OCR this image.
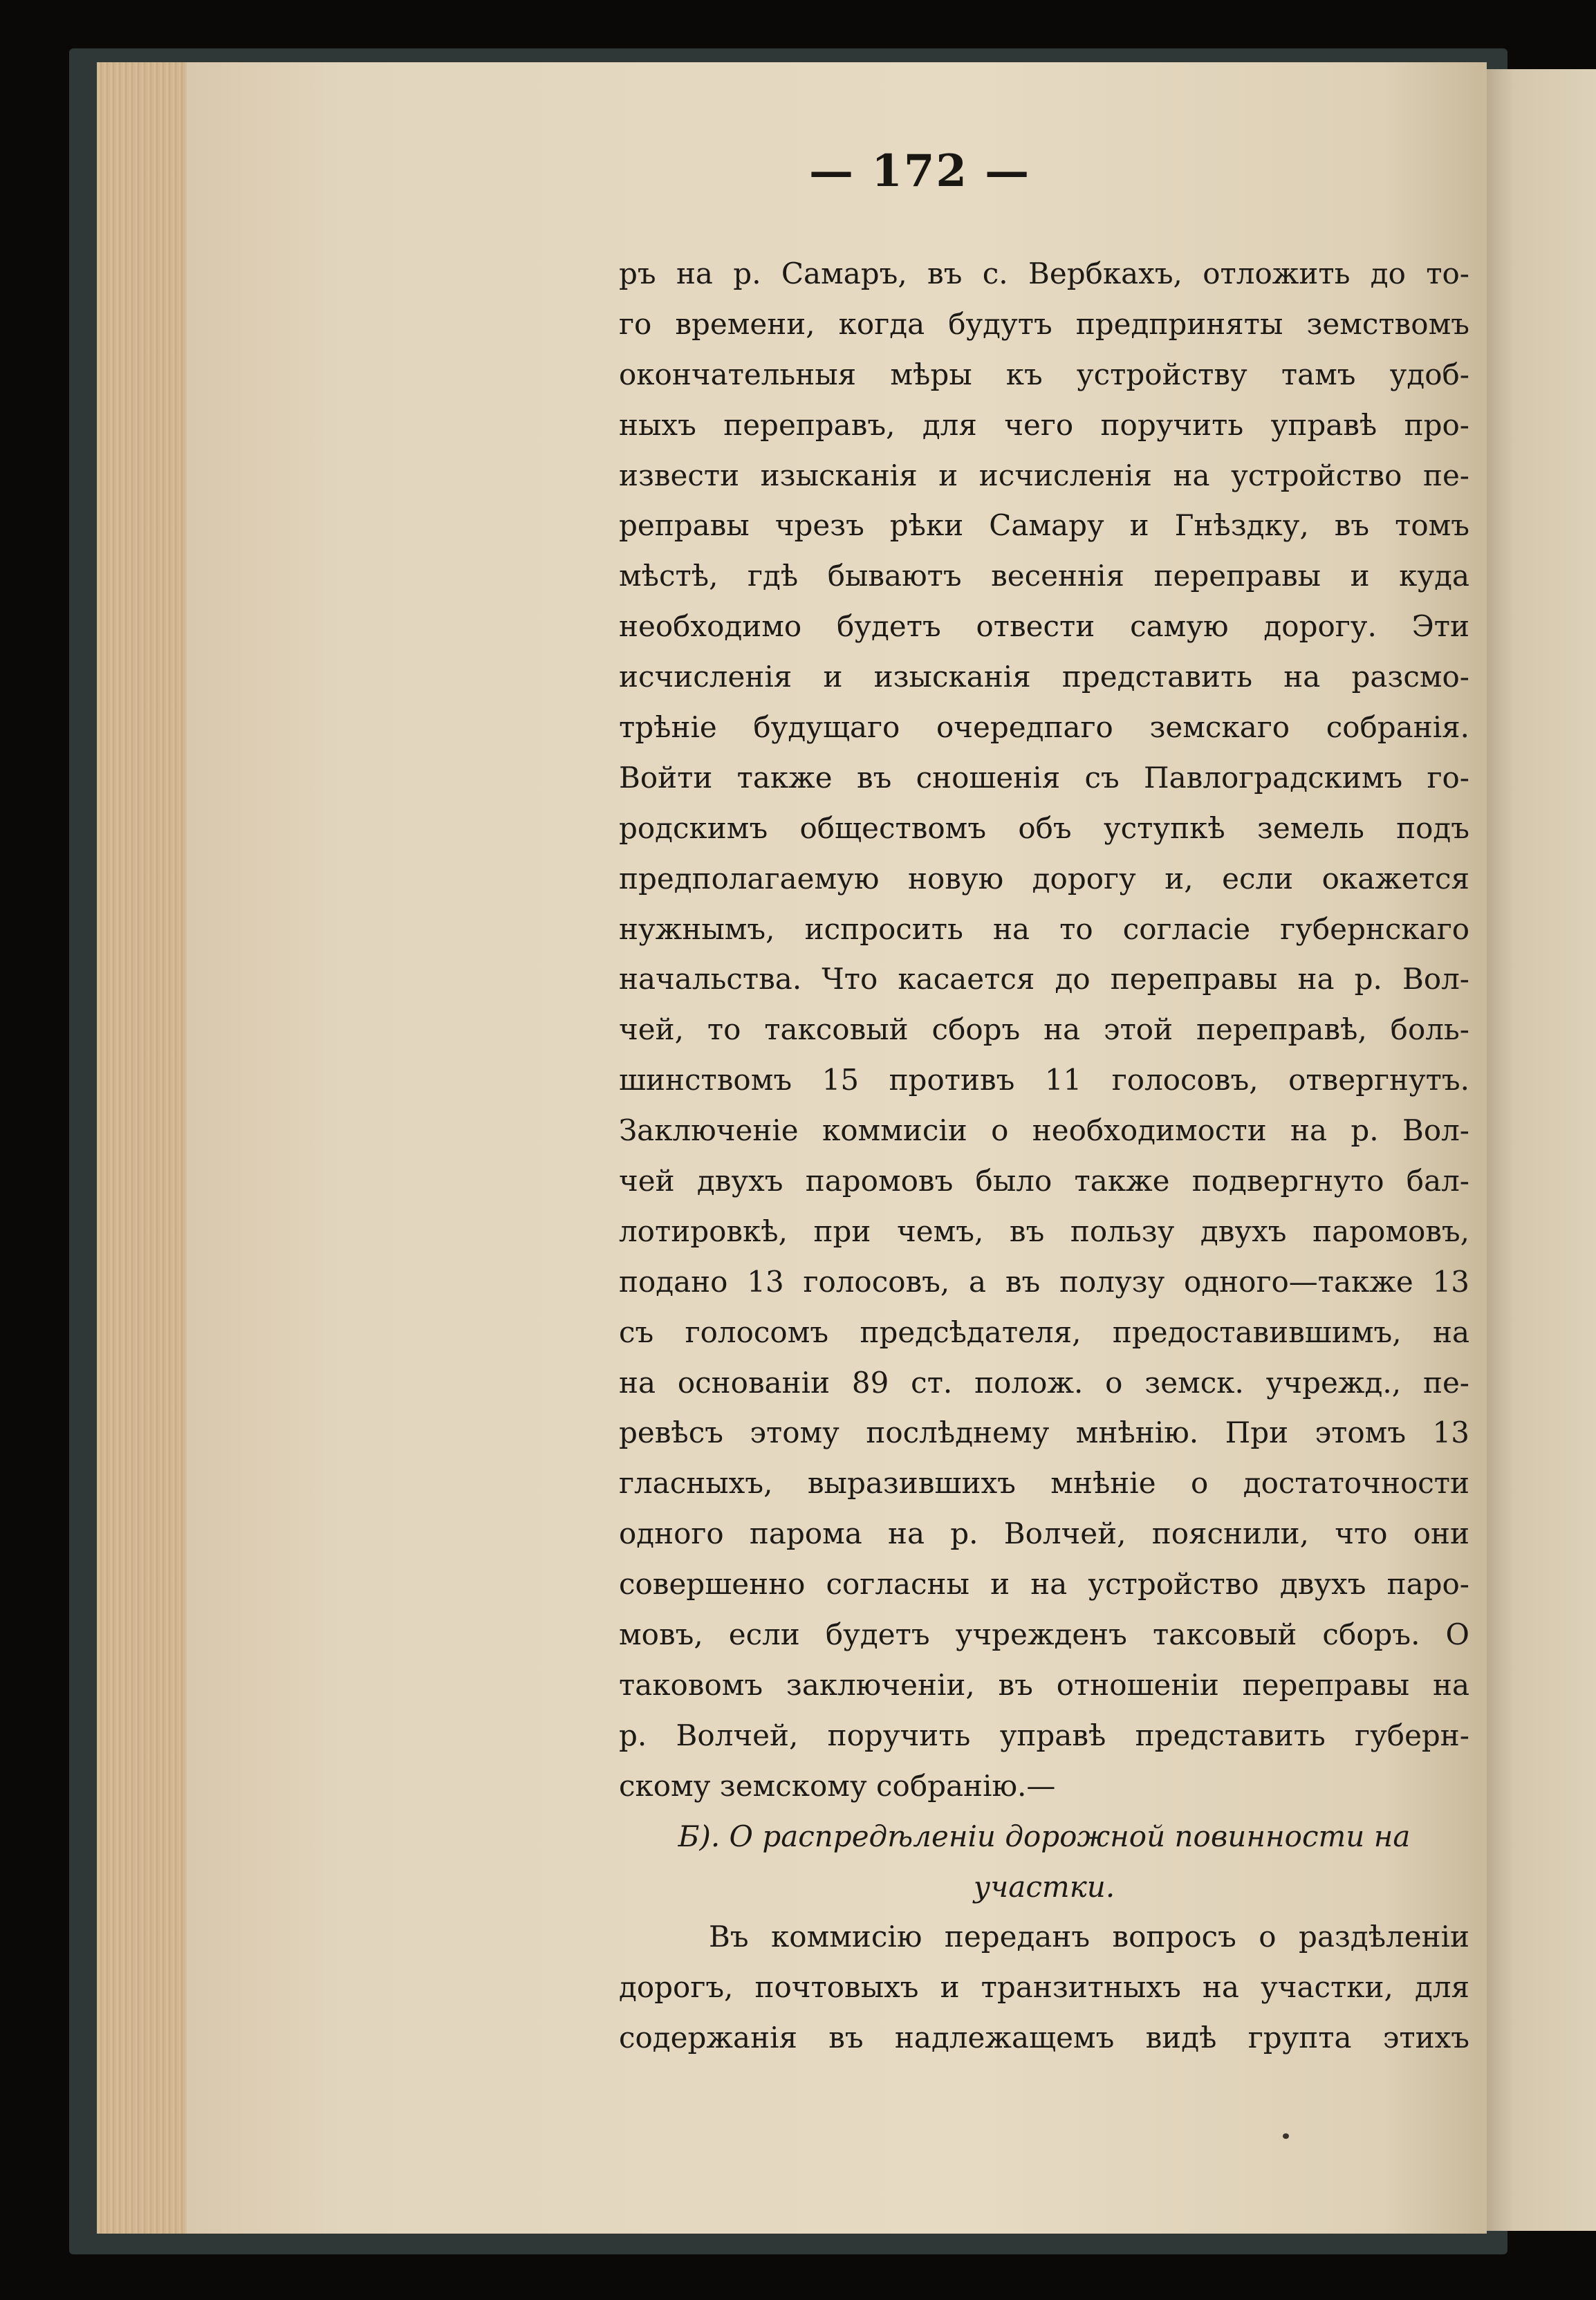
— 172 —
ръ на р. Самаръ, въ с. Вербкахъ, отложить до то-
го времени, когда будутъ предприняты земствомъ
окончательныя мѣры къ устройству тамъ удоб-
ныхъ переправъ, для чего поручить управѣ про-
извести изысканія и исчисленія на устройство пе-
реправы чрезъ рѣки Самару и Гнѣздку, въ томъ
мѣстѣ, гдѣ бываютъ весеннія переправы и куда
необходимо будетъ отвести самую дорогу. Эти
исчисленія и изысканія представить на разсмо-
трѣніе будущаго очередпаго земскаго собранія.
Войти также въ сношенія съ Павлоградскимъ го-
родскимъ обществомъ объ уступкѣ земель подъ
предполагаемую новую дорогу и, если окажется
нужнымъ, испросить на то согласіе губернскаго
начальства. Что касается до переправы на р. Вол-
чей, то таксовый сборъ на этой переправѣ, боль-
шинствомъ 15 противъ 11 голосовъ, отвергнутъ.
Заключеніе коммисіи о необходимости на р. Вол-
чей двухъ паромовъ было также подвергнуто бал-
лотировкѣ, при чемъ, въ пользу двухъ паромовъ,
подано 13 голосовъ, а въ полузу одного—также 13
съ голосомъ предсѣдателя, предоставившимъ, на
на основаніи 89 ст. полож. о земск. учрежд., пе-
ревѣсъ этому послѣднему мнѣнію. При этомъ 13
гласныхъ, выразившихъ мнѣніе о достаточности
одного парома на р. Волчей, пояснили, что они
совершенно согласны и на устройство двухъ паро-
мовъ, если будетъ учрежденъ таксовый сборъ. О
таковомъ заключеніи, въ отношеніи переправы на
р. Волчей, поручить управѣ представить губерн-
скому земскому собранію.—
Б). О распредѣленіи дорожной повинности на
участки.
Въ коммисію переданъ вопросъ о раздѣленіи
дорогъ, почтовыхъ и транзитныхъ на участки, для
содержанія въ надлежащемъ видѣ групта этихъ
